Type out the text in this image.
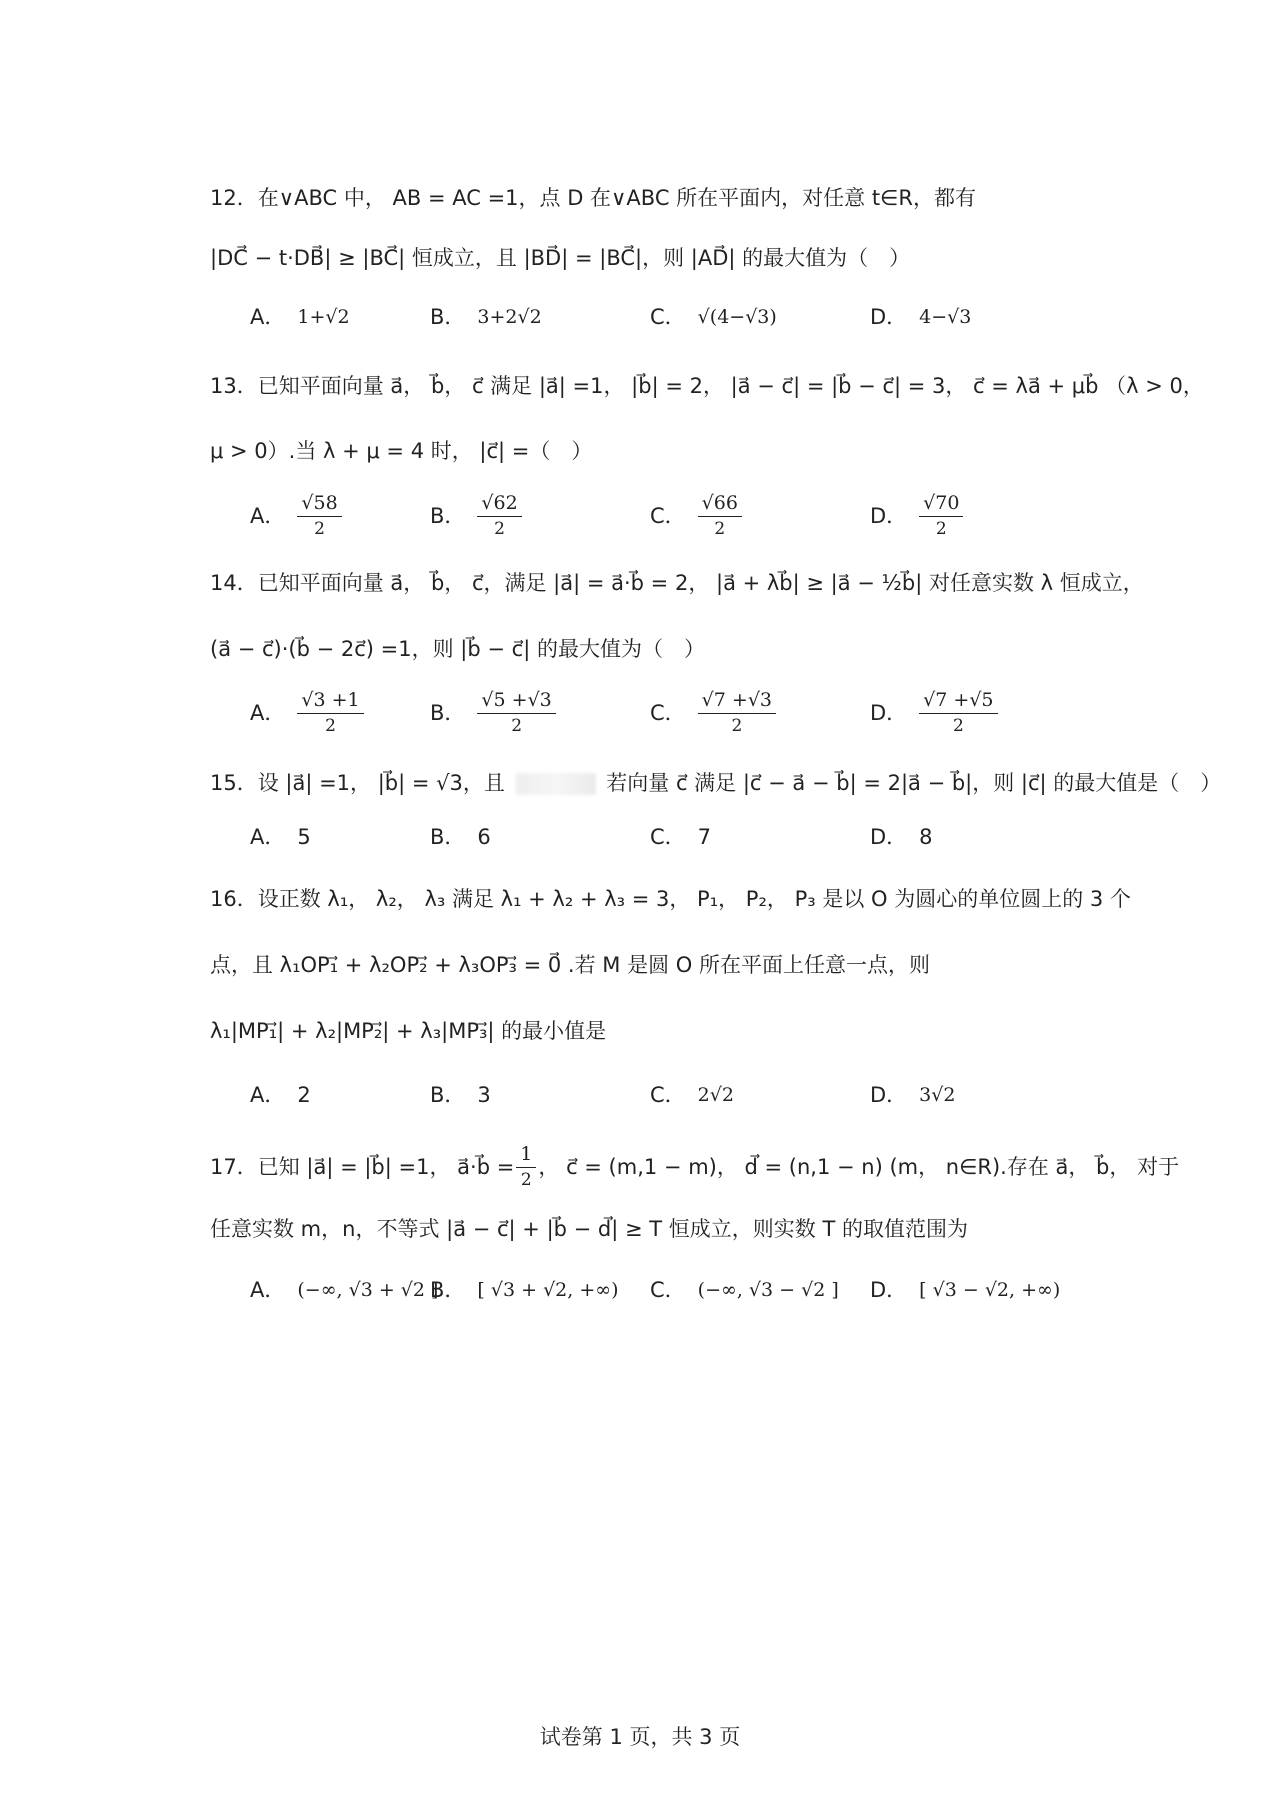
12．在∨ABC 中， AB = AC =1，点 D 在∨ABC 所在平面内，对任意 t∈R，都有
|DC⃗ − t·DB⃗| ≥ |BC⃗| 恒成立，且 |BD⃗| = |BC⃗|，则 |AD⃗| 的最大值为（　）
A． 1+√2	B． 3+2√2	C． √(4−√3)	D． 4−√3
13．已知平面向量 a⃗， b⃗， c⃗ 满足 |a⃗| =1， |b⃗| = 2， |a⃗ − c⃗| = |b⃗ − c⃗| = 3， c⃗ = λa⃗ + μb⃗ （λ > 0，
μ > 0）.当 λ + μ = 4 时， |c⃗| =（　）
A． $\frac{√58}{2}$	B． $\frac{√62}{2}$	C． $\frac{√66}{2}$	D． $\frac{√70}{2}$
14．已知平面向量 a⃗， b⃗， c⃗，满足 |a⃗| = a⃗·b⃗ = 2， |a⃗ + λb⃗| ≥ |a⃗ − ½b⃗| 对任意实数 λ 恒成立，
(a⃗ − c⃗)·(b⃗ − 2c⃗) =1，则 |b⃗ − c⃗| 的最大值为（　）
A． $\frac{√3 +1}{2}$	B． $\frac{√5 +√3}{2}$	C． $\frac{√7 +√3}{2}$	D． $\frac{√7 +√5}{2}$
15．设 |a⃗| =1， |b⃗| = √3，且	若向量 c⃗ 满足 |c⃗ − a⃗ − b⃗| = 2|a⃗ − b⃗|，则 |c⃗| 的最大值是（　）
A． 5	B． 6	C． 7	D． 8
16．设正数 λ₁， λ₂， λ₃ 满足 λ₁ + λ₂ + λ₃ = 3， P₁， P₂， P₃ 是以 O 为圆心的单位圆上的 3 个
点，且 λ₁OP₁⃗ + λ₂OP₂⃗ + λ₃OP₃⃗ = 0⃗ .若 M 是圆 O 所在平面上任意一点，则
λ₁|MP₁⃗| + λ₂|MP₂⃗| + λ₃|MP₃⃗| 的最小值是
A． 2	B． 3	C． 2√2	D． 3√2
17．已知 |a⃗| = |b⃗| =1， a⃗·b⃗ = $\frac{1}{2}$ ， c⃗ = (m,1 − m)， d⃗ = (n,1 − n) (m， n∈R).存在 a⃗， b⃗， 对于
任意实数 m，n，不等式 |a⃗ − c⃗| + |b⃗ − d⃗| ≥ T 恒成立，则实数 T 的取值范围为
A． (−∞, √3 + √2 ]
B． [ √3 + √2, +∞) C． (−∞, √3 − √2 ] D． [ √3 − √2, +∞)
试卷第 1 页，共 3 页
